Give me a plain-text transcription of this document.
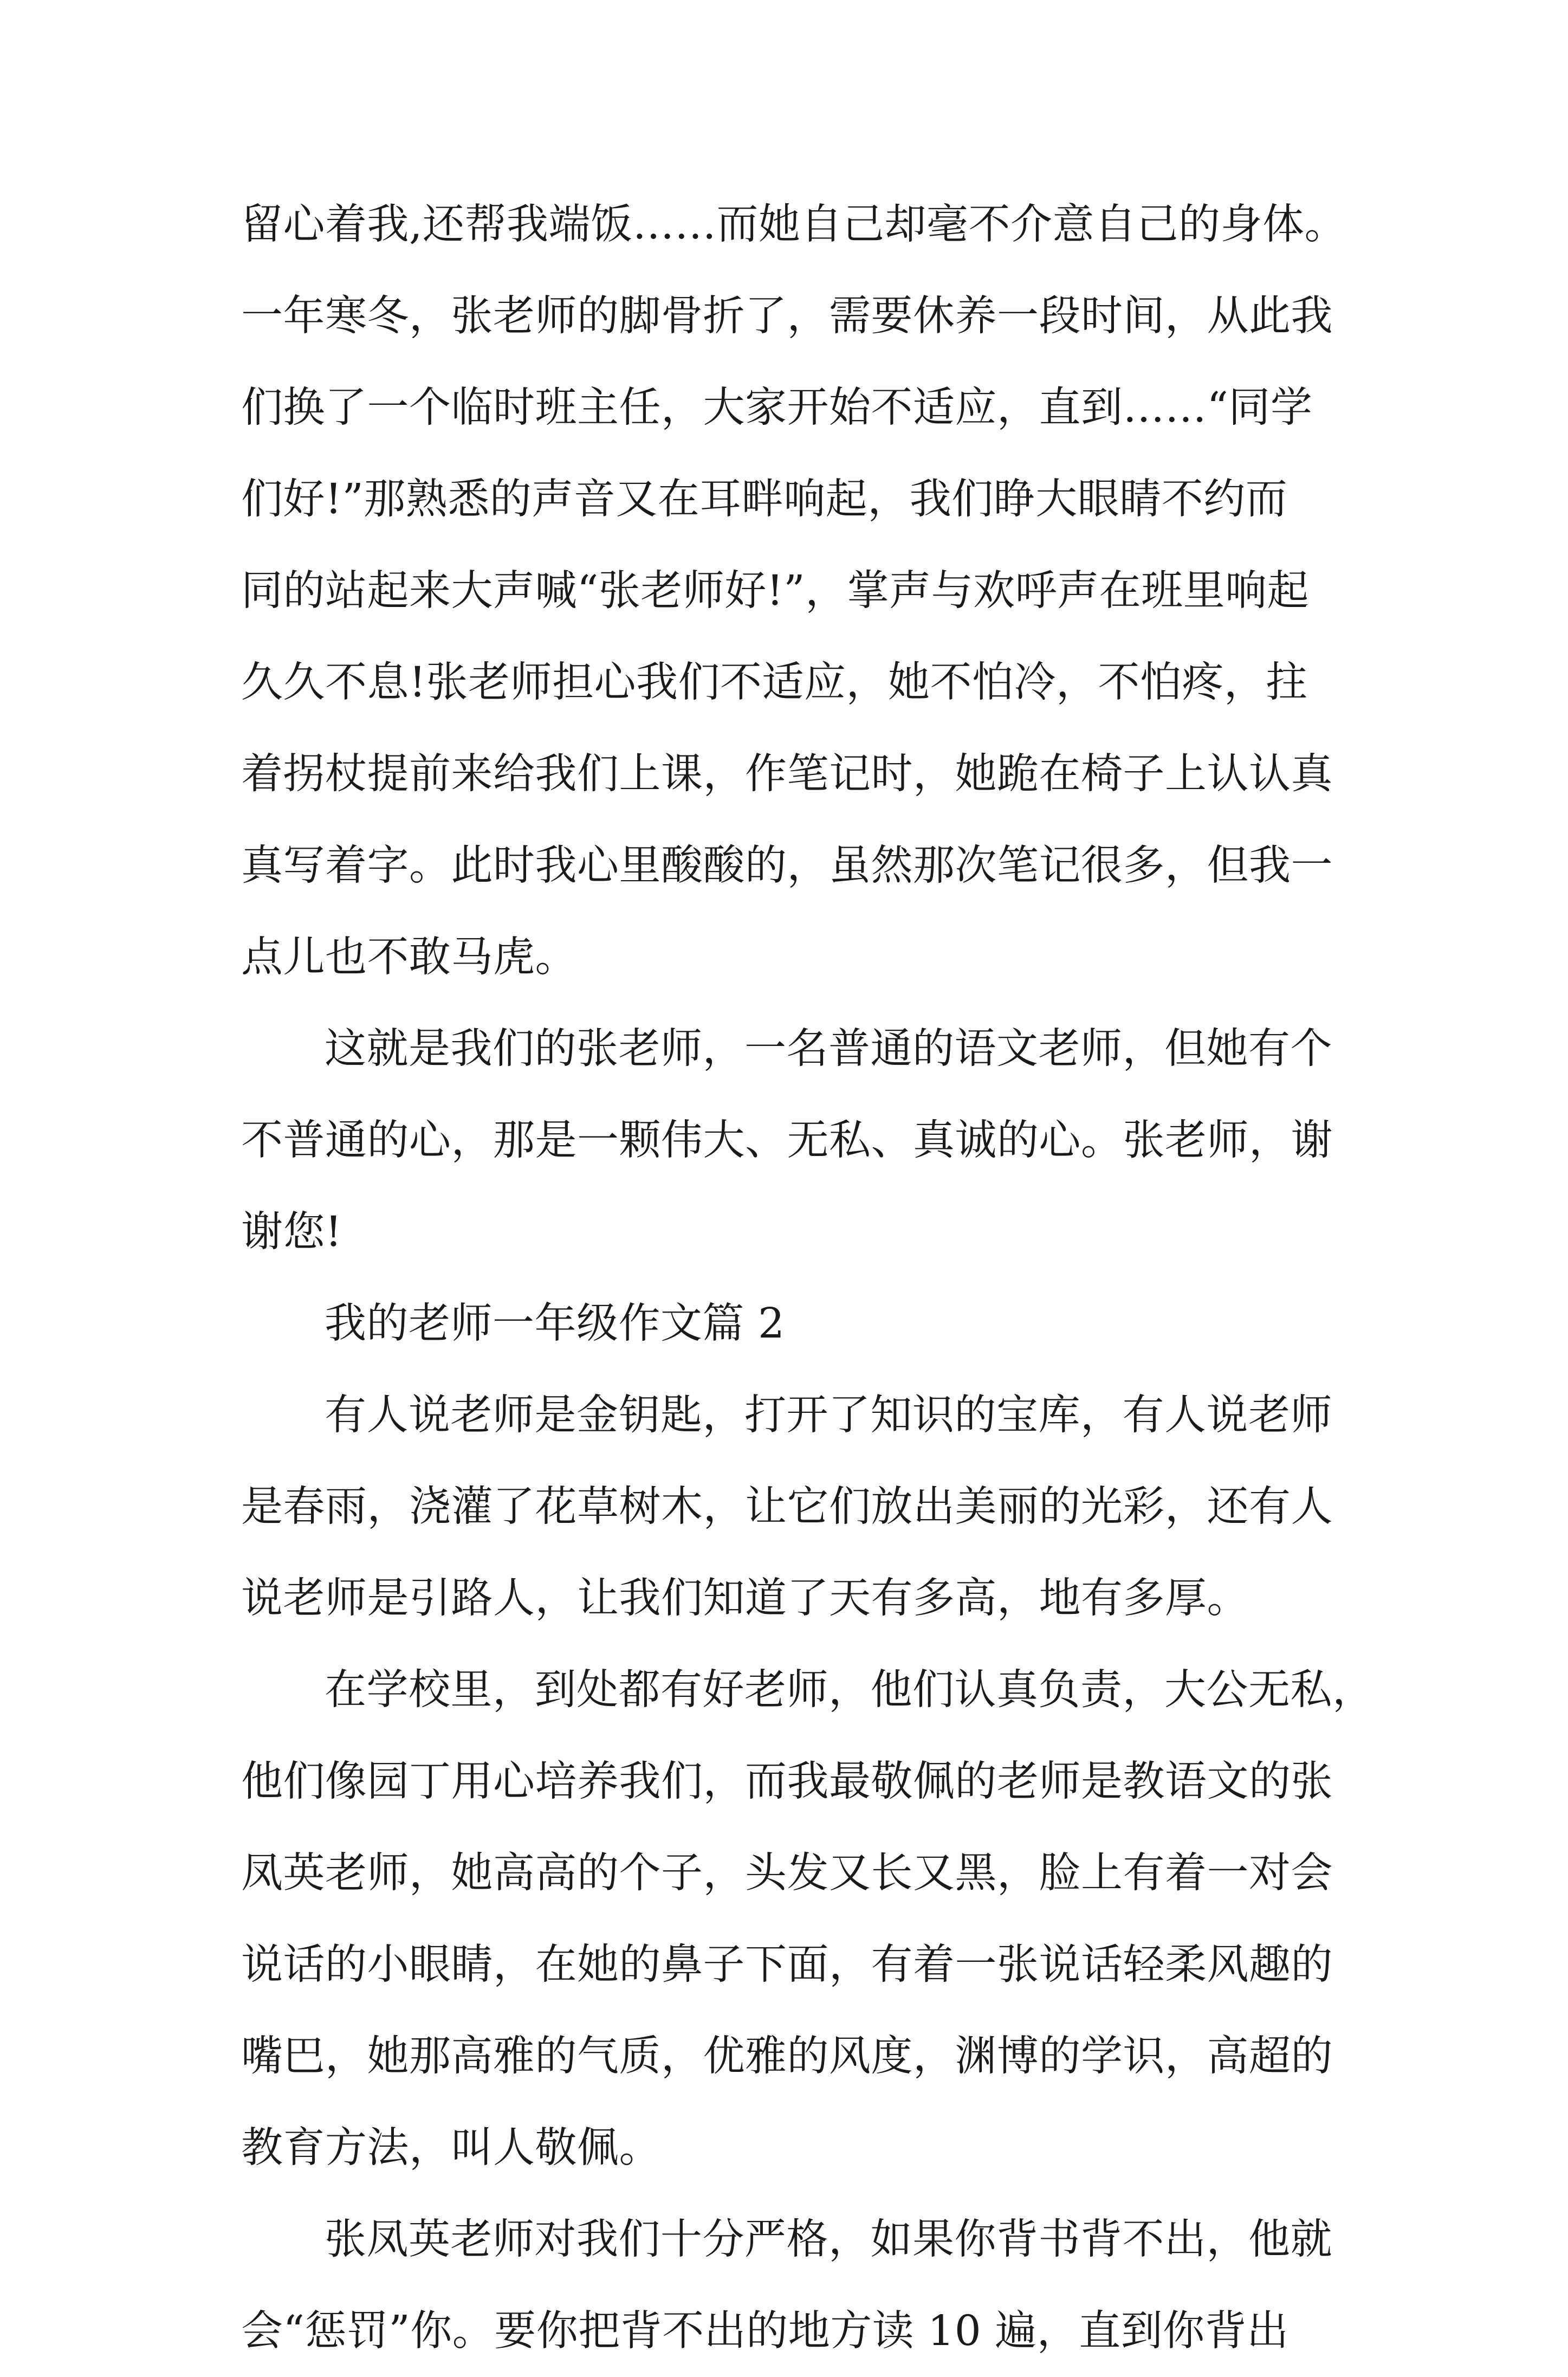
留心着我,还帮我端饭……而她自己却毫不介意自己的身体。
一年寒冬，张老师的脚骨折了，需要休养一段时间，从此我
们换了一个临时班主任，大家开始不适应，直到……“同学
们好!”那熟悉的声音又在耳畔响起，我们睁大眼睛不约而
同的站起来大声喊“张老师好!”，掌声与欢呼声在班里响起
久久不息!张老师担心我们不适应，她不怕冷，不怕疼，拄
着拐杖提前来给我们上课，作笔记时，她跪在椅子上认认真
真写着字。此时我心里酸酸的，虽然那次笔记很多，但我一
点儿也不敢马虎。
这就是我们的张老师，一名普通的语文老师，但她有个
不普通的心，那是一颗伟大、无私、真诚的心。张老师，谢
谢您!
我的老师一年级作文篇 2
有人说老师是金钥匙，打开了知识的宝库，有人说老师
是春雨，浇灌了花草树木，让它们放出美丽的光彩，还有人
说老师是引路人，让我们知道了天有多高，地有多厚。
在学校里，到处都有好老师，他们认真负责，大公无私，
他们像园丁用心培养我们，而我最敬佩的老师是教语文的张
凤英老师，她高高的个子，头发又长又黑，脸上有着一对会
说话的小眼睛，在她的鼻子下面，有着一张说话轻柔风趣的
嘴巴，她那高雅的气质，优雅的风度，渊博的学识，高超的
教育方法，叫人敬佩。
张凤英老师对我们十分严格，如果你背书背不出，他就
会“惩罚”你。要你把背不出的地方读 10 遍，直到你背出
